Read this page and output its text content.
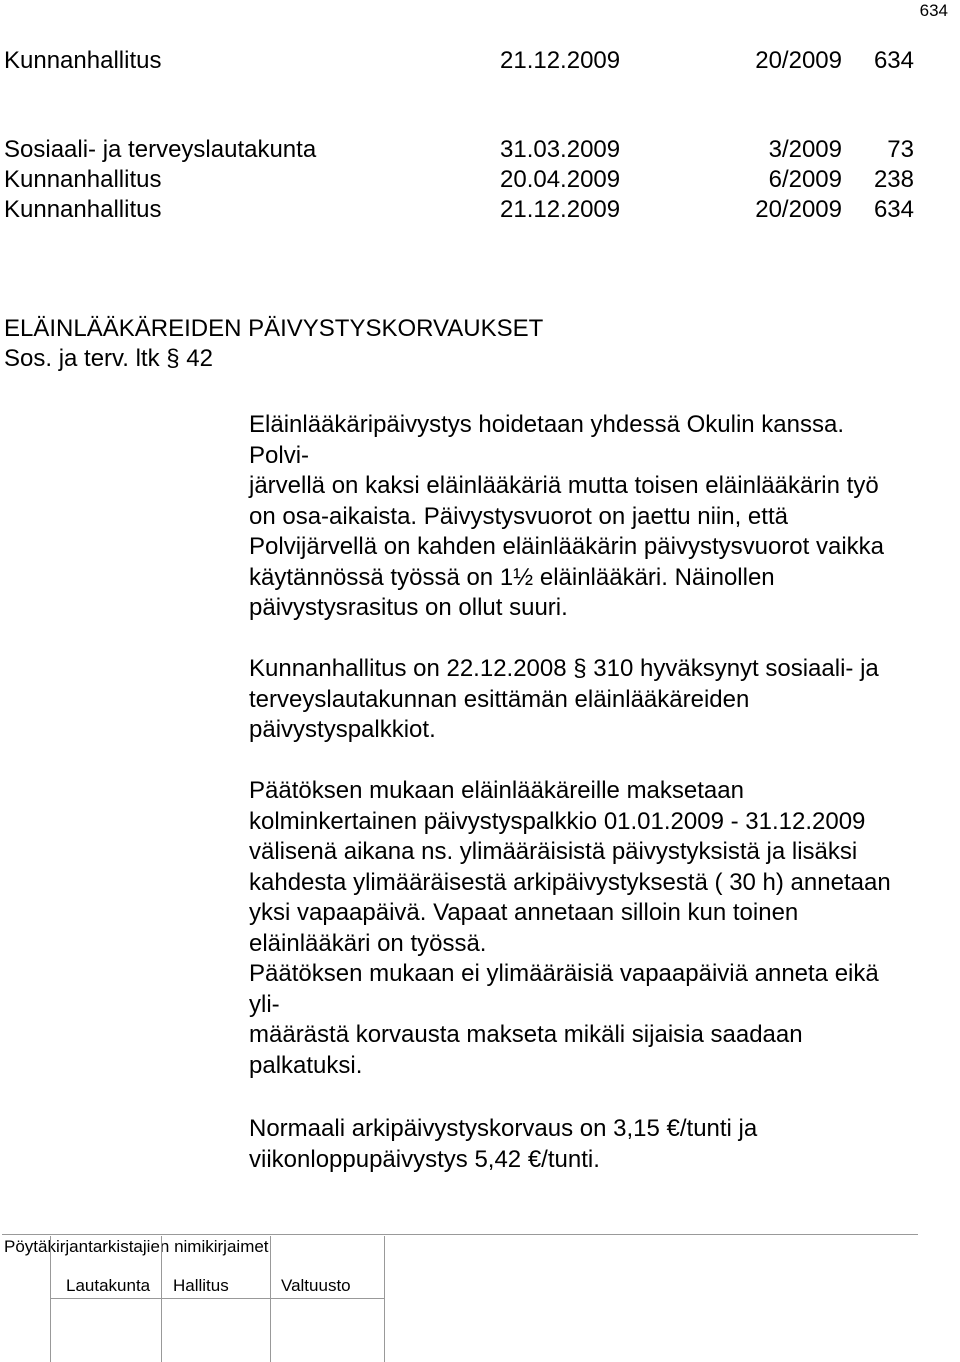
634
Kunnanhallitus	21.12.2009	20/2009	634
Sosiaali- ja terveyslautakunta	31.03.2009	3/2009	73
Kunnanhallitus	20.04.2009	6/2009	238
Kunnanhallitus	21.12.2009	20/2009	634
ELÄINLÄÄKÄREIDEN PÄIVYSTYSKORVAUKSET
Sos. ja terv. ltk § 42
Eläinlääkäripäivystys hoidetaan yhdessä Okulin kanssa.
Polvi-
järvellä on kaksi eläinlääkäriä mutta toisen eläinlääkärin työ
on osa-aikaista. Päivystysvuorot on jaettu niin, että
Polvijärvellä on kahden eläinlääkärin päivystysvuorot vaikka
käytännössä työssä on 1½ eläinlääkäri. Näinollen
päivystysrasitus on ollut suuri.
Kunnanhallitus on 22.12.2008 § 310 hyväksynyt sosiaali- ja
terveyslautakunnan esittämän eläinlääkäreiden
päivystyspalkkiot.
Päätöksen mukaan eläinlääkäreille maksetaan
kolminkertainen päivystyspalkkio 01.01.2009 - 31.12.2009
välisenä aikana ns. ylimääräisistä päivystyksistä ja lisäksi
kahdesta ylimääräisestä arkipäivystyksestä ( 30 h) annetaan
yksi vapaapäivä. Vapaat annetaan silloin kun toinen
eläinlääkäri on työssä.
Päätöksen mukaan ei ylimääräisiä vapaapäiviä anneta eikä
yli-
määrästä korvausta makseta mikäli sijaisia saadaan
palkatuksi.
Normaali arkipäivystyskorvaus on 3,15 €/tunti ja
viikonloppupäivystys 5,42 €/tunti.
Pöytäkirjantarkistajien nimikirjaimet
Lautakunta Hallitus	Valtuusto
